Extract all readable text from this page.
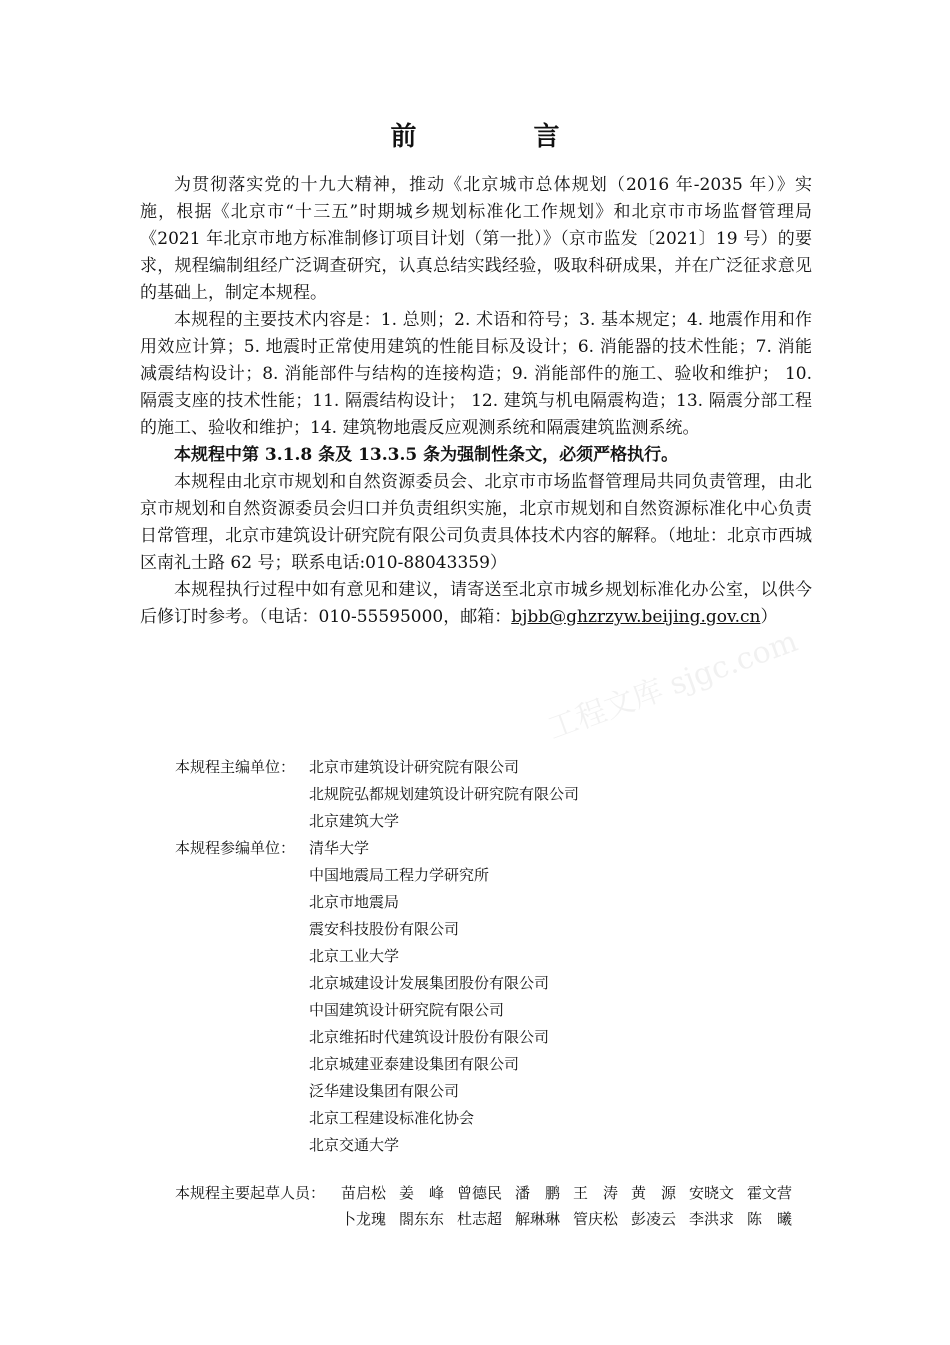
前 言

为贯彻落实党的十九大精神，推动《北京城市总体规划（2016 年-2035 年）》实施，根据《北京市“十三五”时期城乡规划标准化工作规划》和北京市市场监督管理局《2021 年北京市地方标准制修订项目计划（第一批）》（京市监发〔2021〕19 号）的要求，规程编制组经广泛调查研究，认真总结实践经验，吸取科研成果，并在广泛征求意见的基础上，制定本规程。

本规程的主要技术内容是：1. 总则；2. 术语和符号；3. 基本规定；4. 地震作用和作用效应计算；5. 地震时正常使用建筑的性能目标及设计；6. 消能器的技术性能；7. 消能减震结构设计；8. 消能部件与结构的连接构造；9. 消能部件的施工、验收和维护； 10. 隔震支座的技术性能；11. 隔震结构设计； 12. 建筑与机电隔震构造；13. 隔震分部工程的施工、验收和维护；14. 建筑物地震反应观测系统和隔震建筑监测系统。

本规程中第 3.1.8 条及 13.3.5 条为强制性条文，必须严格执行。

本规程由北京市规划和自然资源委员会、北京市市场监督管理局共同负责管理，由北京市规划和自然资源委员会归口并负责组织实施，北京市规划和自然资源标准化中心负责日常管理，北京市建筑设计研究院有限公司负责具体技术内容的解释。（地址：北京市西城区南礼士路 62 号；联系电话:010-88043359）

本规程执行过程中如有意见和建议，请寄送至北京市城乡规划标准化办公室，以供今后修订时参考。（电话：010-55595000，邮箱：bjbb@ghzrzyw.beijing.gov.cn）

工程文库 sjgc.com
本规程主编单位： 北京市建筑设计研究院有限公司
北规院弘都规划建筑设计研究院有限公司
北京建筑大学
本规程参编单位： 清华大学
中国地震局工程力学研究所
北京市地震局
震安科技股份有限公司
北京工业大学
北京城建设计发展集团股份有限公司
中国建筑设计研究院有限公司
北京维拓时代建筑设计股份有限公司
北京城建亚泰建设集团有限公司
泛华建设集团有限公司
北京工程建设标准化协会
北京交通大学
本规程主要起草人员：	苗启松 姜　峰 曾德民 潘　鹏 王　涛 黄　源 安晓文 霍文营
卜龙瑰 閤东东 杜志超 解琳琳 管庆松 彭凌云 李洪求 陈　曦
